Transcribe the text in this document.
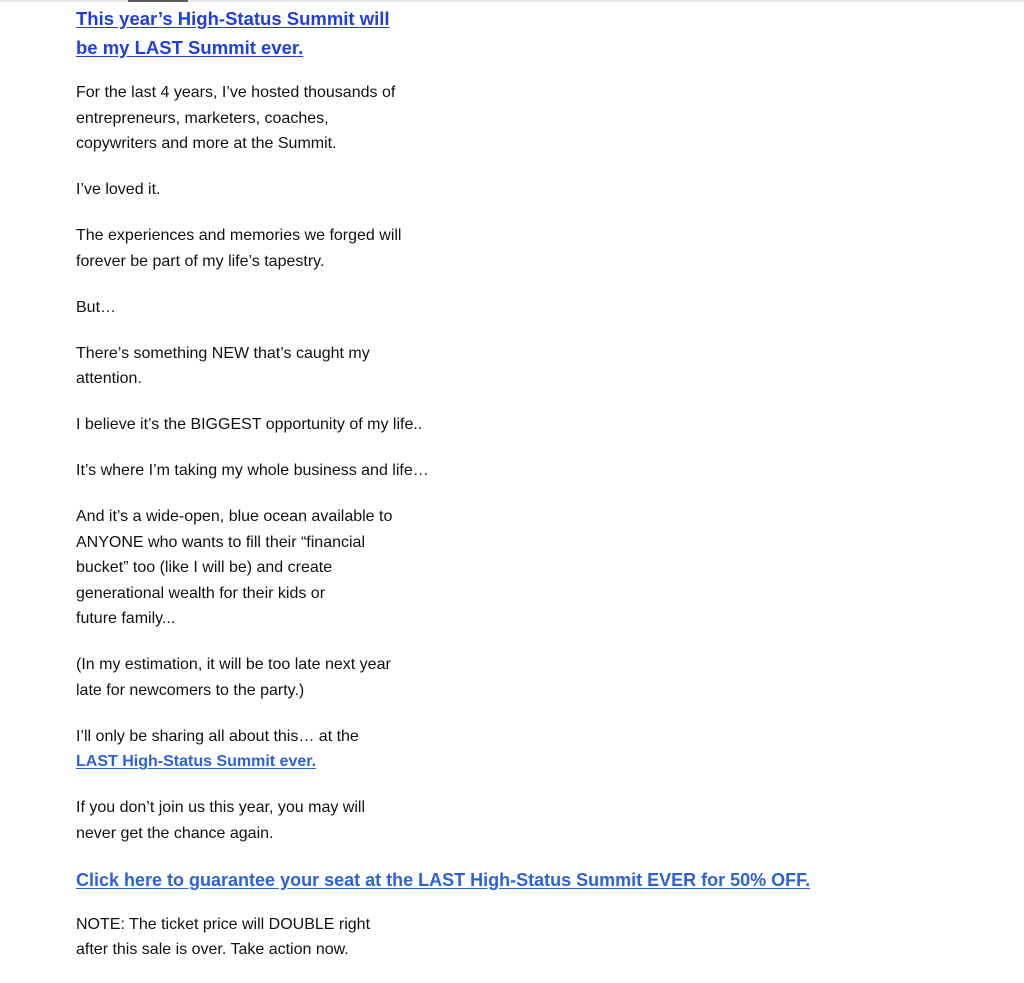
This year’s High-Status Summit will
be my LAST Summit ever.

For the last 4 years, I’ve hosted thousands of
entrepreneurs, marketers, coaches,
copywriters and more at the Summit.

I’ve loved it.

The experiences and memories we forged will
forever be part of my life’s tapestry.

But…

There’s something NEW that’s caught my
attention.

I believe it’s the BIGGEST opportunity of my life..

It’s where I’m taking my whole business and life…

And it’s a wide-open, blue ocean available to
ANYONE who wants to fill their “financial
bucket” too (like I will be) and create
generational wealth for their kids or
future family...

(In my estimation, it will be too late next year
late for newcomers to the party.)

I’ll only be sharing all about this… at the
LAST High-Status Summit ever.

If you don’t join us this year, you may will
never get the chance again.

Click here to guarantee your seat at the LAST High-Status Summit EVER for 50% OFF.

NOTE: The ticket price will DOUBLE right
after this sale is over. Take action now.
